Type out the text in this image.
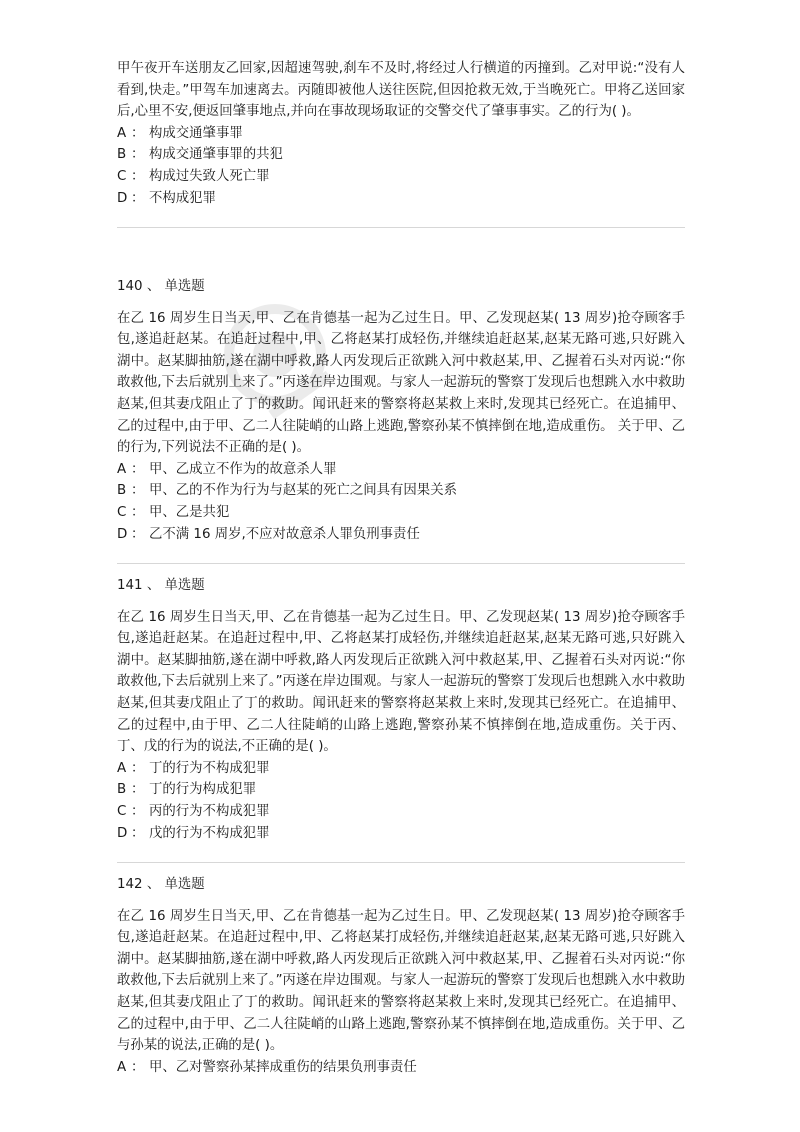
甲午夜开车送朋友乙回家,因超速驾驶,刹车不及时,将经过人行横道的丙撞到。乙对甲说:“没有人看到,快走。”甲驾车加速离去。丙随即被他人送往医院,但因抢救无效,于当晚死亡。甲将乙送回家后,心里不安,便返回肇事地点,并向在事故现场取证的交警交代了肇事事实。乙的行为( )。

A ： 构成交通肇事罪

B ： 构成交通肇事罪的共犯

C ： 构成过失致人死亡罪

D ： 不构成犯罪

140 、 单选题

在乙 16 周岁生日当天,甲、乙在肯德基一起为乙过生日。甲、乙发现赵某( 13 周岁)抢夺顾客手包,遂追赶赵某。在追赶过程中,甲、乙将赵某打成轻伤,并继续追赶赵某,赵某无路可逃,只好跳入湖中。赵某脚抽筋,遂在湖中呼救,路人丙发现后正欲跳入河中救赵某,甲、乙握着石头对丙说:“你敢救他,下去后就别上来了。”丙遂在岸边围观。与家人一起游玩的警察丁发现后也想跳入水中救助赵某,但其妻戊阻止了丁的救助。闻讯赶来的警察将赵某救上来时,发现其已经死亡。在追捕甲、乙的过程中,由于甲、乙二人往陡峭的山路上逃跑,警察孙某不慎摔倒在地,造成重伤。 关于甲、乙的行为,下列说法不正确的是( )。

A ： 甲、乙成立不作为的故意杀人罪

B ： 甲、乙的不作为行为与赵某的死亡之间具有因果关系

C ： 甲、乙是共犯

D ： 乙不满 16 周岁,不应对故意杀人罪负刑事责任

141 、 单选题

在乙 16 周岁生日当天,甲、乙在肯德基一起为乙过生日。甲、乙发现赵某( 13 周岁)抢夺顾客手包,遂追赶赵某。在追赶过程中,甲、乙将赵某打成轻伤,并继续追赶赵某,赵某无路可逃,只好跳入湖中。赵某脚抽筋,遂在湖中呼救,路人丙发现后正欲跳入河中救赵某,甲、乙握着石头对丙说:“你敢救他,下去后就别上来了。”丙遂在岸边围观。与家人一起游玩的警察丁发现后也想跳入水中救助赵某,但其妻戊阻止了丁的救助。闻讯赶来的警察将赵某救上来时,发现其已经死亡。在追捕甲、乙的过程中,由于甲、乙二人往陡峭的山路上逃跑,警察孙某不慎摔倒在地,造成重伤。关于丙、丁、戊的行为的说法,不正确的是( )。

A ： 丁的行为不构成犯罪

B ： 丁的行为构成犯罪

C ： 丙的行为不构成犯罪

D ： 戊的行为不构成犯罪

142 、 单选题

在乙 16 周岁生日当天,甲、乙在肯德基一起为乙过生日。甲、乙发现赵某( 13 周岁)抢夺顾客手包,遂追赶赵某。在追赶过程中,甲、乙将赵某打成轻伤,并继续追赶赵某,赵某无路可逃,只好跳入湖中。赵某脚抽筋,遂在湖中呼救,路人丙发现后正欲跳入河中救赵某,甲、乙握着石头对丙说:“你敢救他,下去后就别上来了。”丙遂在岸边围观。与家人一起游玩的警察丁发现后也想跳入水中救助赵某,但其妻戊阻止了丁的救助。闻讯赶来的警察将赵某救上来时,发现其已经死亡。在追捕甲、乙的过程中,由于甲、乙二人往陡峭的山路上逃跑,警察孙某不慎摔倒在地,造成重伤。关于甲、乙与孙某的说法,正确的是( )。

A ： 甲、乙对警察孙某摔成重伤的结果负刑事责任
